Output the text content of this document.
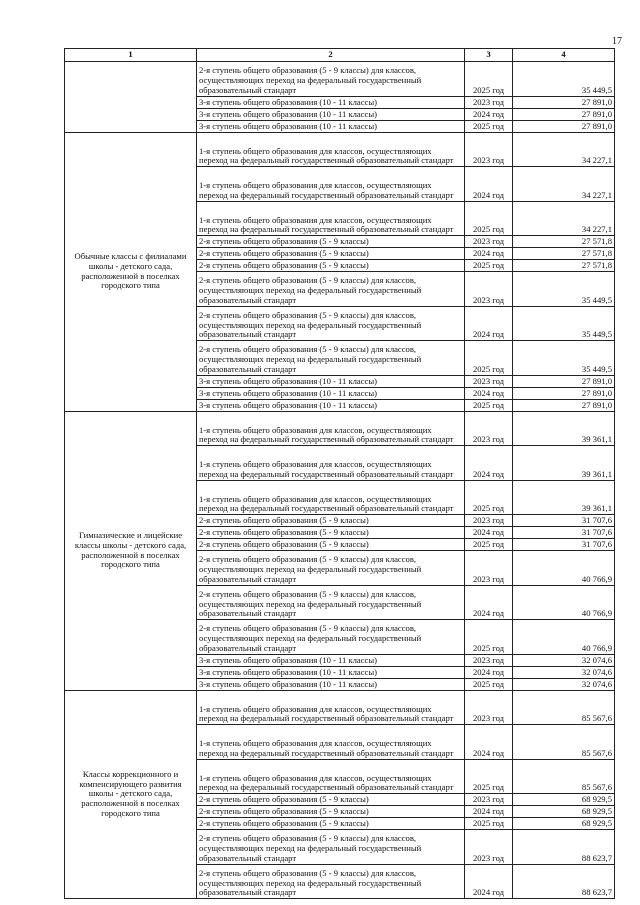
17
1	2	3	4
	2-я ступень общего образования (5 - 9 классы) для классов, осуществляющих переход на федеральный государственный образовательный стандарт	2025 год	35 449,5
	3-я ступень общего образования (10 - 11 классы)	2023 год	27 891,0
	3-я ступень общего образования (10 - 11 классы)	2024 год	27 891,0
	3-я ступень общего образования (10 - 11 классы)	2025 год	27 891,0
Обычные классы с филиалами школы - детского сада, расположенной в поселках городского типа	1-я ступень общего образования для классов, осуществляющих переход на федеральный государственный образовательный стандарт	2023 год	34 227,1
	1-я ступень общего образования для классов, осуществляющих переход на федеральный государственный образовательный стандарт	2024 год	34 227,1
	1-я ступень общего образования для классов, осуществляющих переход на федеральный государственный образовательный стандарт	2025 год	34 227,1
	2-я ступень общего образования (5 - 9 классы)	2023 год	27 571,8
	2-я ступень общего образования (5 - 9 классы)	2024 год	27 571,8
	2-я ступень общего образования (5 - 9 классы)	2025 год	27 571,8
	2-я ступень общего образования (5 - 9 классы) для классов, осуществляющих переход на федеральный государственный образовательный стандарт	2023 год	35 449,5
	2-я ступень общего образования (5 - 9 классы) для классов, осуществляющих переход на федеральный государственный образовательный стандарт	2024 год	35 449,5
	2-я ступень общего образования (5 - 9 классы) для классов, осуществляющих переход на федеральный государственный образовательный стандарт	2025 год	35 449,5
	3-я ступень общего образования (10 - 11 классы)	2023 год	27 891,0
	3-я ступень общего образования (10 - 11 классы)	2024 год	27 891,0
	3-я ступень общего образования (10 - 11 классы)	2025 год	27 891,0
Гимназические и лицейские классы школы - детского сада, расположенной в поселках городского типа	1-я ступень общего образования для классов, осуществляющих переход на федеральный государственный образовательный стандарт	2023 год	39 361,1
	1-я ступень общего образования для классов, осуществляющих переход на федеральный государственный образовательный стандарт	2024 год	39 361,1
	1-я ступень общего образования для классов, осуществляющих переход на федеральный государственный образовательный стандарт	2025 год	39 361,1
	2-я ступень общего образования (5 - 9 классы)	2023 год	31 707,6
	2-я ступень общего образования (5 - 9 классы)	2024 год	31 707,6
	2-я ступень общего образования (5 - 9 классы)	2025 год	31 707,6
	2-я ступень общего образования (5 - 9 классы) для классов, осуществляющих переход на федеральный государственный образовательный стандарт	2023 год	40 766,9
	2-я ступень общего образования (5 - 9 классы) для классов, осуществляющих переход на федеральный государственный образовательный стандарт	2024 год	40 766,9
	2-я ступень общего образования (5 - 9 классы) для классов, осуществляющих переход на федеральный государственный образовательный стандарт	2025 год	40 766,9
	3-я ступень общего образования (10 - 11 классы)	2023 год	32 074,6
	3-я ступень общего образования (10 - 11 классы)	2024 год	32 074,6
	3-я ступень общего образования (10 - 11 классы)	2025 год	32 074,6
Классы коррекционного и компенсирующего развития школы - детского сада, расположенной в поселках городского типа	1-я ступень общего образования для классов, осуществляющих переход на федеральный государственный образовательный стандарт	2023 год	85 567,6
	1-я ступень общего образования для классов, осуществляющих переход на федеральный государственный образовательный стандарт	2024 год	85 567,6
	1-я ступень общего образования для классов, осуществляющих переход на федеральный государственный образовательный стандарт	2025 год	85 567,6
	2-я ступень общего образования (5 - 9 классы)	2023 год	68 929,5
	2-я ступень общего образования (5 - 9 классы)	2024 год	68 929,5
	2-я ступень общего образования (5 - 9 классы)	2025 год	68 929,5
	2-я ступень общего образования (5 - 9 классы) для классов, осуществляющих переход на федеральный государственный образовательный стандарт	2023 год	88 623,7
	2-я ступень общего образования (5 - 9 классы) для классов, осуществляющих переход на федеральный государственный образовательный стандарт	2024 год	88 623,7
